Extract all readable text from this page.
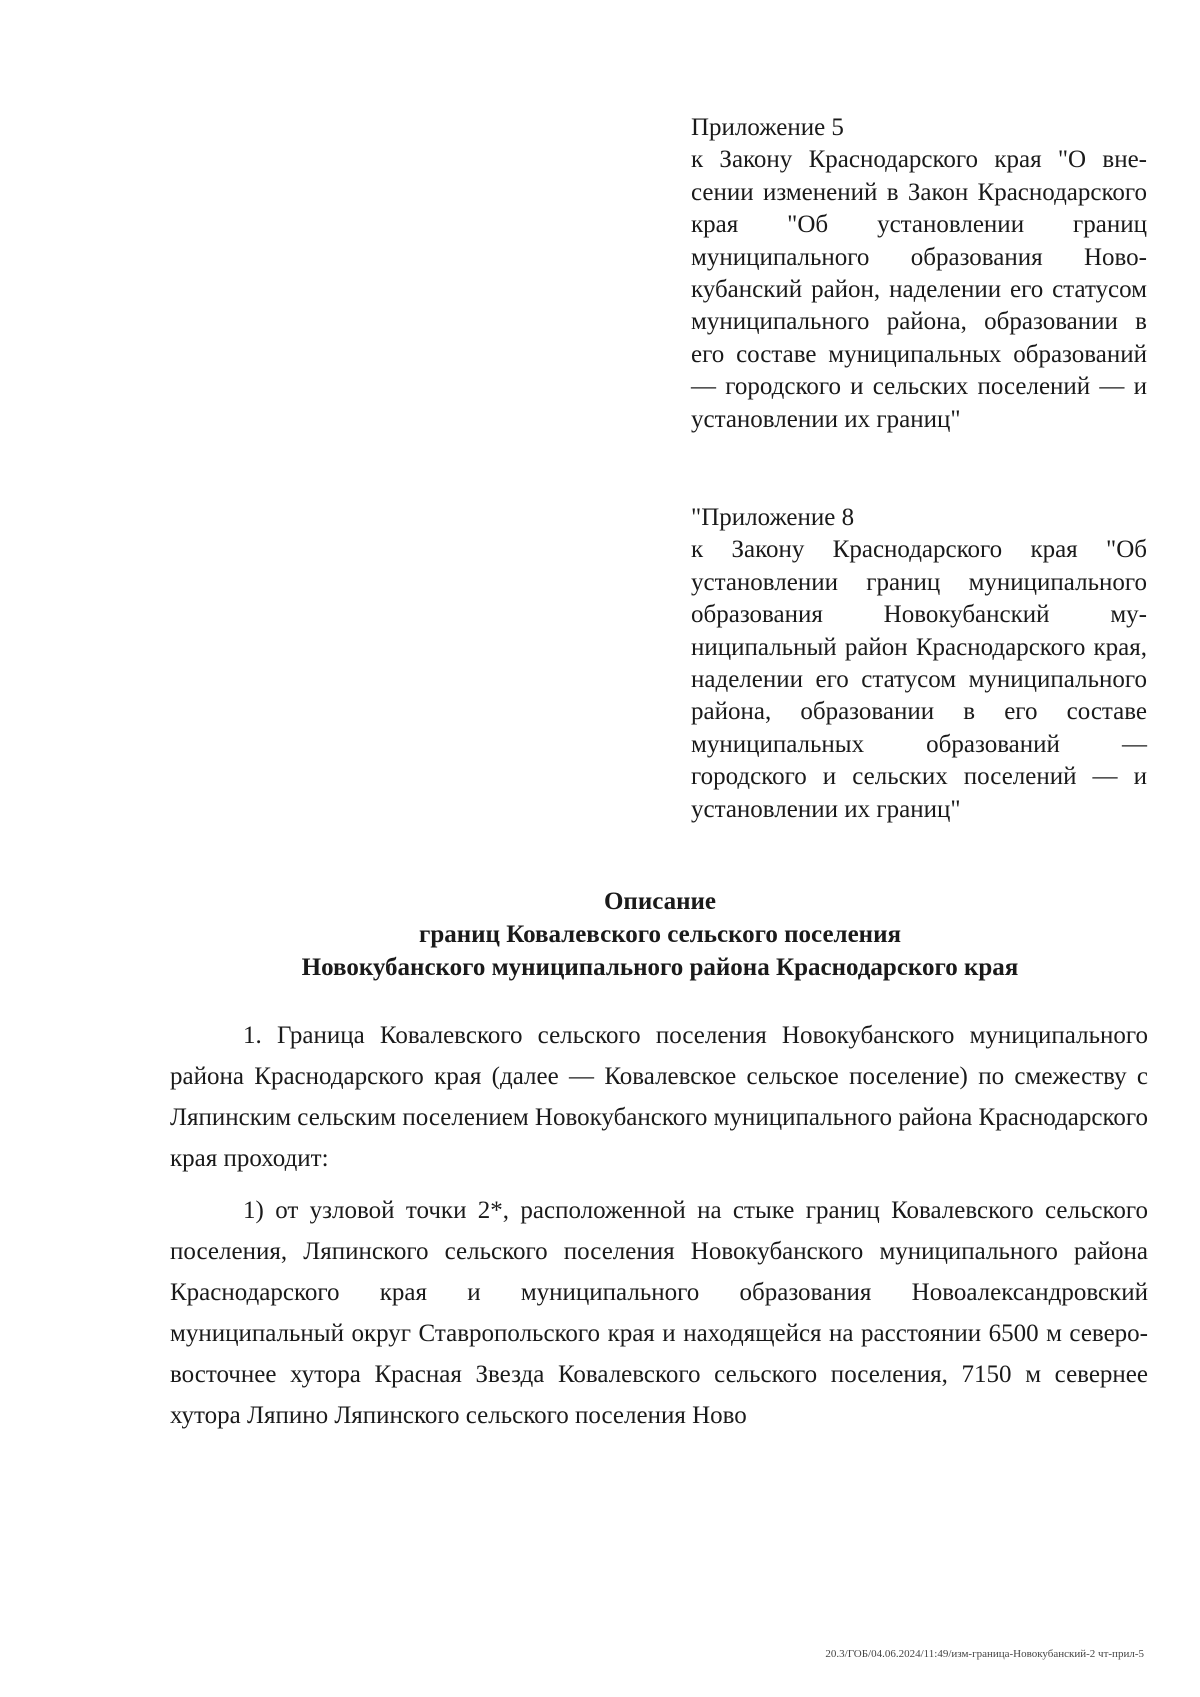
Приложение 5
к Закону Краснодарского края "О внесении изменений в Закон Краснодарского края "Об установлении границ муниципального образования Новокубанский район, наделении его статусом муниципального района, образовании в его составе муниципальных образований — городского и сельских поселений — и установлении их границ"
"Приложение 8
к Закону Краснодарского края "Об установлении границ муниципального образования Новокубанский муниципальный район Краснодарского края, наделении его статусом муниципального района, образовании в его составе муниципальных образований — городского и сельских поселений — и установлении их границ"
Описание
границ Ковалевского сельского поселения
Новокубанского муниципального района Краснодарского края

1. Граница Ковалевского сельского поселения Новокубанского муниципального района Краснодарского края (далее — Ковалевское сельское поселение) по смежеству с Ляпинским сельским поселением Новокубанского муниципального района Краснодарского края проходит:

1) от узловой точки 2*, расположенной на стыке границ Ковалевского сельского поселения, Ляпинского сельского поселения Новокубанского муниципального района Краснодарского края и муниципального образования Новоалександровский муниципальный округ Ставропольского края и находящейся на расстоянии 6500 м северо-восточнее хутора Красная Звезда Ковалевского сельского поселения, 7150 м севернее хутора Ляпино Ляпинского сельского поселения Ново

20.3/ГОБ/04.06.2024/11:49/изм-граница-Новокубанский-2 чт-прил-5
